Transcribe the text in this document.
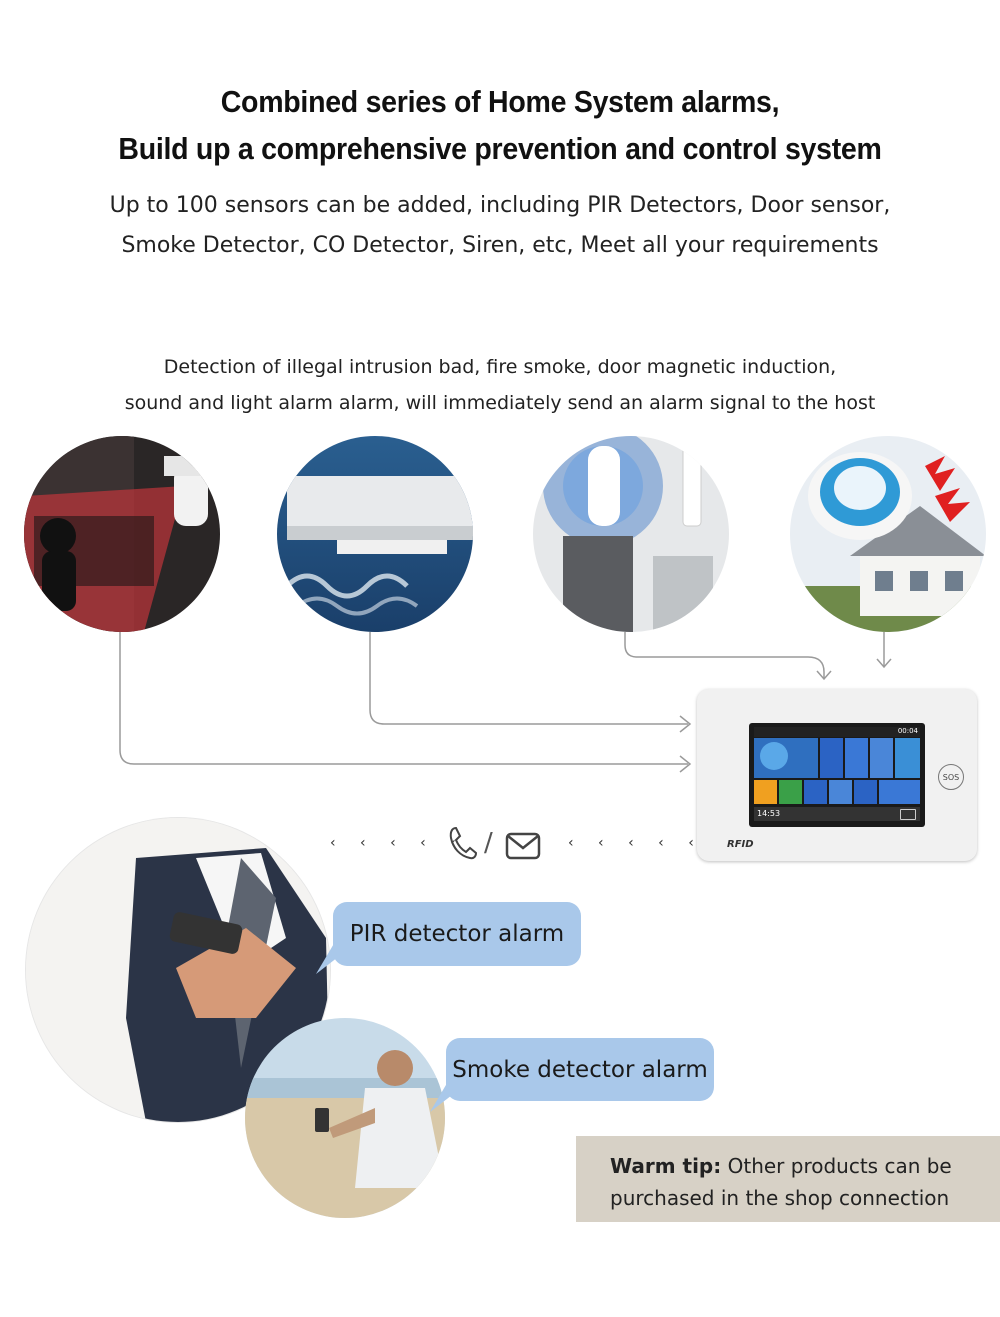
Combined series of Home System alarms,
Build up a comprehensive prevention and control system
Up to 100 sensors can be added, including PIR Detectors, Door sensor,
Smoke Detector, CO Detector, Siren, etc, Meet all your requirements
Detection of illegal intrusion bad, fire smoke, door magnetic induction,
sound and light alarm alarm, will immediately send an alarm signal to the host
00:04
14:53
SOS
RFID
‹ ‹ ‹ ‹ ‹ /	‹ ‹ ‹ ‹ ‹
PIR detector alarm
Smoke detector alarm
Warm tip: Other products can be
purchased in the shop connection
